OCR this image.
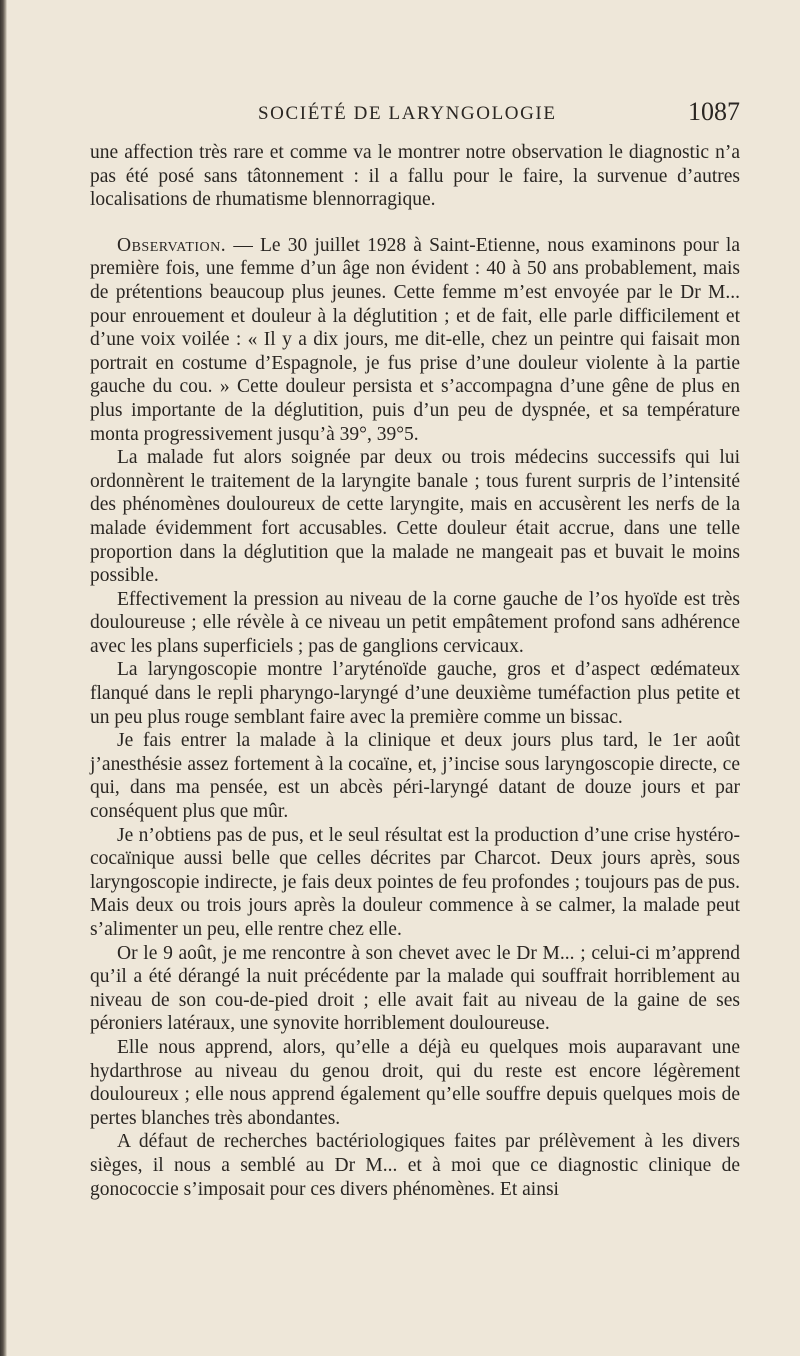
SOCIÉTÉ DE LARYNGOLOGIE	1087

une affection très rare et comme va le montrer notre observation le diagnostic n’a pas été posé sans tâtonnement : il a fallu pour le faire, la survenue d’autres localisations de rhumatisme blennorragique.

Observation. — Le 30 juillet 1928 à Saint-Etienne, nous examinons pour la première fois, une femme d’un âge non évident : 40 à 50 ans probablement, mais de prétentions beaucoup plus jeunes. Cette femme m’est envoyée par le Dr M... pour enrouement et douleur à la déglutition ; et de fait, elle parle difficilement et d’une voix voilée : « Il y a dix jours, me dit-elle, chez un peintre qui faisait mon portrait en costume d’Espagnole, je fus prise d’une douleur violente à la partie gauche du cou. » Cette douleur persista et s’accompagna d’une gêne de plus en plus importante de la déglutition, puis d’un peu de dyspnée, et sa température monta progressivement jusqu’à 39°, 39°5.

La malade fut alors soignée par deux ou trois médecins successifs qui lui ordonnèrent le traitement de la laryngite banale ; tous furent surpris de l’intensité des phénomènes douloureux de cette laryngite, mais en accusèrent les nerfs de la malade évidemment fort accusables. Cette douleur était accrue, dans une telle proportion dans la déglutition que la malade ne mangeait pas et buvait le moins possible.

Effectivement la pression au niveau de la corne gauche de l’os hyoïde est très douloureuse ; elle révèle à ce niveau un petit empâtement profond sans adhérence avec les plans superficiels ; pas de ganglions cervicaux.

La laryngoscopie montre l’aryténoïde gauche, gros et d’aspect œdémateux flanqué dans le repli pharyngo-laryngé d’une deuxième tuméfaction plus petite et un peu plus rouge semblant faire avec la première comme un bissac.

Je fais entrer la malade à la clinique et deux jours plus tard, le 1er août j’anesthésie assez fortement à la cocaïne, et, j’incise sous laryngoscopie directe, ce qui, dans ma pensée, est un abcès péri-laryngé datant de douze jours et par conséquent plus que mûr.

Je n’obtiens pas de pus, et le seul résultat est la production d’une crise hystéro-cocaïnique aussi belle que celles décrites par Charcot. Deux jours après, sous laryngoscopie indirecte, je fais deux pointes de feu profondes ; toujours pas de pus. Mais deux ou trois jours après la douleur commence à se calmer, la malade peut s’alimenter un peu, elle rentre chez elle.

Or le 9 août, je me rencontre à son chevet avec le Dr M... ; celui-ci m’apprend qu’il a été dérangé la nuit précédente par la malade qui souffrait horriblement au niveau de son cou-de-pied droit ; elle avait fait au niveau de la gaine de ses péroniers latéraux, une synovite horriblement douloureuse.

Elle nous apprend, alors, qu’elle a déjà eu quelques mois auparavant une hydarthrose au niveau du genou droit, qui du reste est encore légèrement douloureux ; elle nous apprend également qu’elle souffre depuis quelques mois de pertes blanches très abondantes.

A défaut de recherches bactériologiques faites par prélèvement à les divers sièges, il nous a semblé au Dr M... et à moi que ce diagnostic clinique de gonococcie s’imposait pour ces divers phénomènes. Et ainsi
